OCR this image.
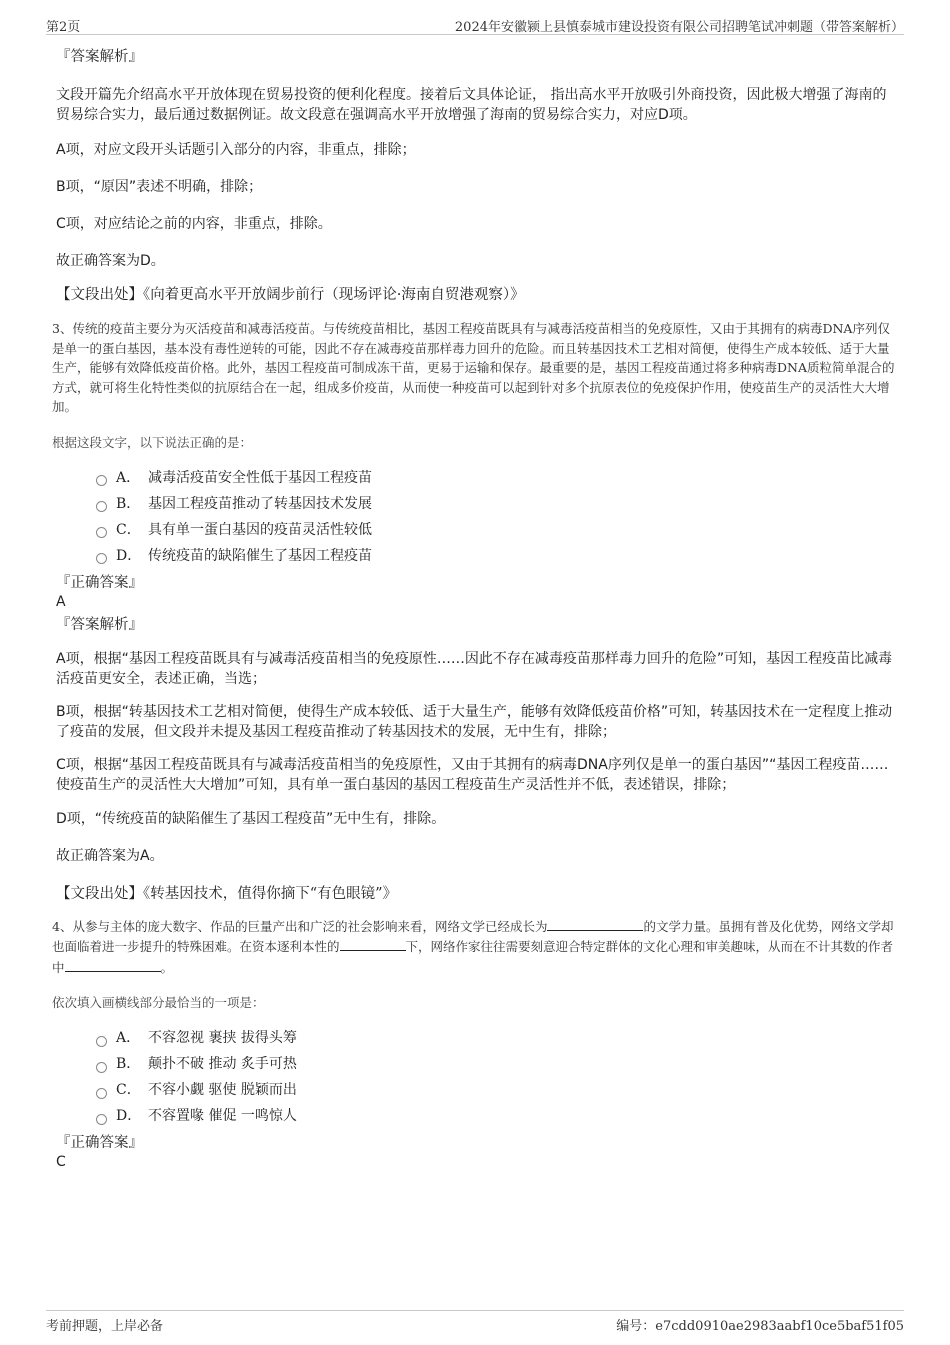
第2页	2024年安徽颍上县慎泰城市建设投资有限公司招聘笔试冲刺题（带答案解析）

『答案解析』

文段开篇先介绍高水平开放体现在贸易投资的便利化程度。接着后文具体论证， 指出高水平开放吸引外商投资，因此极大增强了海南的贸易综合实力，最后通过数据例证。故文段意在强调高水平开放增强了海南的贸易综合实力，对应D项。

A项，对应文段开头话题引入部分的内容，非重点，排除；

B项，“原因”表述不明确，排除；

C项，对应结论之前的内容，非重点，排除。

故正确答案为D。

【文段出处】《向着更高水平开放阔步前行（现场评论·海南自贸港观察）》

3、传统的疫苗主要分为灭活疫苗和减毒活疫苗。与传统疫苗相比，基因工程疫苗既具有与减毒活疫苗相当的免疫原性，又由于其拥有的病毒DNA序列仅是单一的蛋白基因，基本没有毒性逆转的可能，因此不存在减毒疫苗那样毒力回升的危险。而且转基因技术工艺相对简便，使得生产成本较低、适于大量生产，能够有效降低疫苗价格。此外，基因工程疫苗可制成冻干苗，更易于运输和保存。最重要的是，基因工程疫苗通过将多种病毒DNA质粒简单混合的方式，就可将生化特性类似的抗原结合在一起，组成多价疫苗，从而使一种疫苗可以起到针对多个抗原表位的免疫保护作用，使疫苗生产的灵活性大大增加。

根据这段文字，以下说法正确的是：

A． 减毒活疫苗安全性低于基因工程疫苗
B． 基因工程疫苗推动了转基因技术发展
C． 具有单一蛋白基因的疫苗灵活性较低
D． 传统疫苗的缺陷催生了基因工程疫苗

『正确答案』

A

『答案解析』

A项，根据“基因工程疫苗既具有与减毒活疫苗相当的免疫原性……因此不存在减毒疫苗那样毒力回升的危险”可知，基因工程疫苗比减毒活疫苗更安全，表述正确，当选；

B项，根据“转基因技术工艺相对简便，使得生产成本较低、适于大量生产，能够有效降低疫苗价格”可知，转基因技术在一定程度上推动了疫苗的发展，但文段并未提及基因工程疫苗推动了转基因技术的发展，无中生有，排除；

C项，根据“基因工程疫苗既具有与减毒活疫苗相当的免疫原性，又由于其拥有的病毒DNA序列仅是单一的蛋白基因”“基因工程疫苗……使疫苗生产的灵活性大大增加”可知，具有单一蛋白基因的基因工程疫苗生产灵活性并不低，表述错误，排除；

D项，“传统疫苗的缺陷催生了基因工程疫苗”无中生有，排除。

故正确答案为A。

【文段出处】《转基因技术，值得你摘下“有色眼镜”》

4、从参与主体的庞大数字、作品的巨量产出和广泛的社会影响来看，网络文学已经成长为	的文学力量。虽拥有普及化优势，网络文学却也面临着进一步提升的特殊困难。在资本逐利本性的	下，网络作家往往需要刻意迎合特定群体的文化心理和审美趣味，从而在不计其数的作者中	。

依次填入画横线部分最恰当的一项是：

A． 不容忽视 裹挟 拔得头筹
B． 颠扑不破 推动 炙手可热
C． 不容小觑 驱使 脱颖而出
D． 不容置喙 催促 一鸣惊人

『正确答案』

C

考前押题，上岸必备	编号：e7cdd0910ae2983aabf10ce5baf51f05
